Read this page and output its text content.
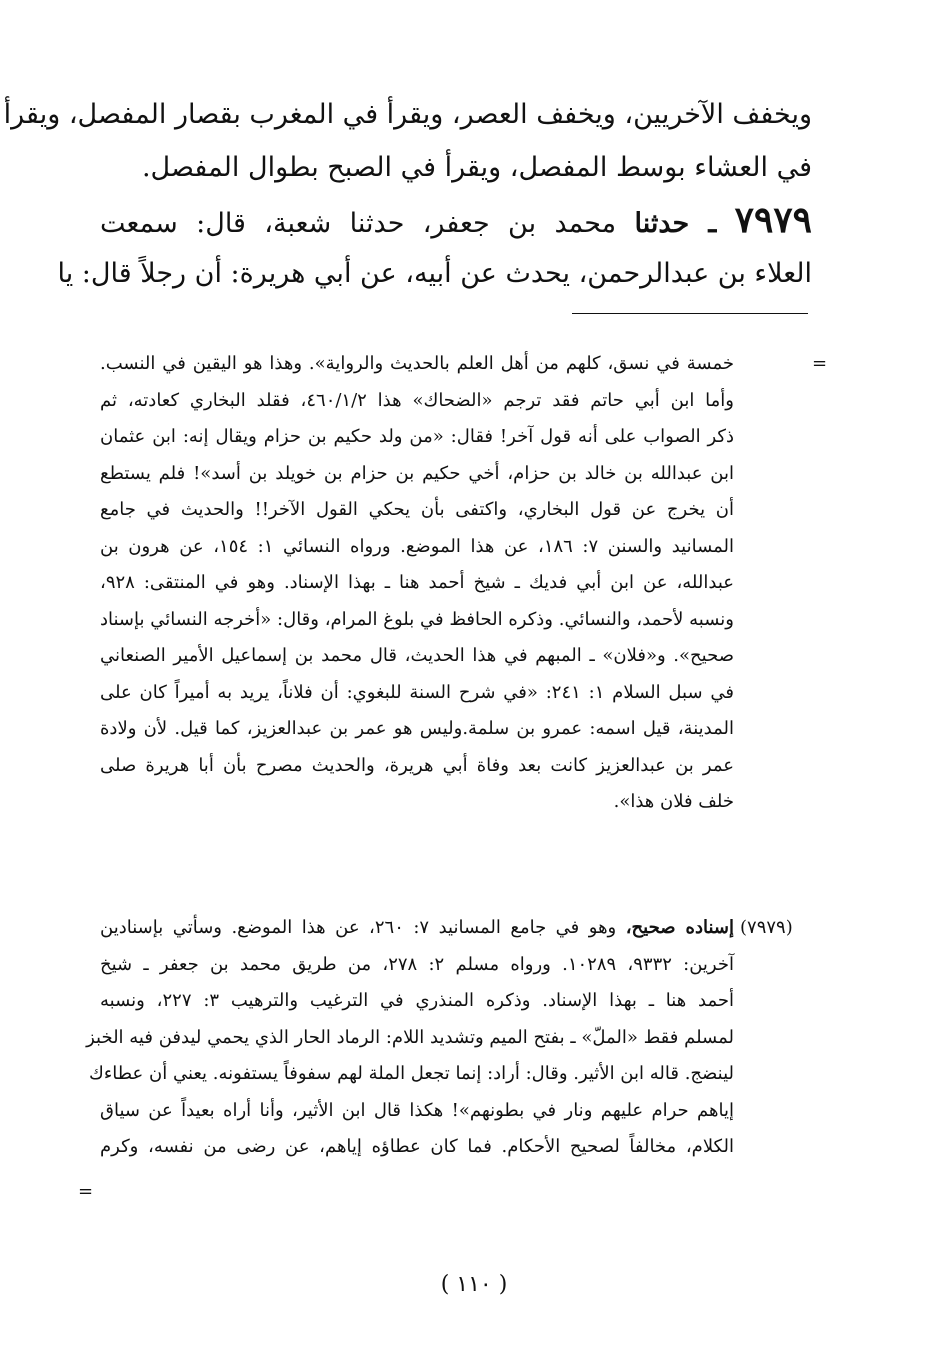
ويخفف الآخريين، ويخفف العصر، ويقرأ في المغرب بقصار المفصل، ويقرأ
في العشاء بوسط المفصل، ويقرأ في الصبح بطوال المفصل.
٧٩٧٩ ـ حدثنا محمد بن جعفر، حدثنا شعبة، قال: سمعت
العلاء بن عبدالرحمن، يحدث عن أبيه، عن أبي هريرة: أن رجلاً قال: يا
=
خمسة في نسق، كلهم من أهل العلم بالحديث والرواية». وهذا هو اليقين في النسب.
وأما ابن أبي حاتم فقد ترجم «الضحاك» هذا ٤٦٠/١/٢، فقلد البخاري كعادته، ثم
ذكر الصواب على أنه قول آخر! فقال: «من ولد حكيم بن حزام ويقال إنه: ابن عثمان
ابن عبدالله بن خالد بن حزام، أخي حكيم بن حزام بن خويلد بن أسد»! فلم يستطع
أن يخرج عن قول البخاري، واكتفى بأن يحكي القول الآخر!! والحديث في جامع
المسانيد والسنن ٧: ١٨٦، عن هذا الموضع. ورواه النسائي ١: ١٥٤، عن هرون بن
عبدالله، عن ابن أبي فديك ـ شيخ أحمد هنا ـ بهذا الإسناد. وهو في المنتقى: ٩٢٨،
ونسبه لأحمد، والنسائي. وذكره الحافظ في بلوغ المرام، وقال: «أخرجه النسائي بإسناد
صحيح». و«فلان» ـ المبهم في هذا الحديث، قال محمد بن إسماعيل الأمير الصنعاني
في سبل السلام ١: ٢٤١: «في شرح السنة للبغوي: أن فلاناً، يريد به أميراً كان على
المدينة، قيل اسمه: عمرو بن سلمة.وليس هو عمر بن عبدالعزيز، كما قيل. لأن ولادة
عمر بن عبدالعزيز كانت بعد وفاة أبي هريرة، والحديث مصرح بأن أبا هريرة صلى
خلف فلان هذا».
(٧٩٧٩)
إسناده صحيح، وهو في جامع المسانيد ٧: ٢٦٠، عن هذا الموضع. وسأتي بإسنادين
آخرين: ٩٣٣٢، ١٠٢٨٩. ورواه مسلم ٢: ٢٧٨، من طريق محمد بن جعفر ـ شيخ
أحمد هنا ـ بهذا الإسناد. وذكره المنذري في الترغيب والترهيب ٣: ٢٢٧، ونسبه
لمسلم فقط «الملّ» ـ بفتح الميم وتشديد اللام: الرماد الحار الذي يحمي ليدفن فيه الخبز
لينضج. قاله ابن الأثير. وقال: أراد: إنما تجعل الملة لهم سفوفاً يستفونه. يعني أن عطاءك
إياهم حرام عليهم ونار في بطونهم»! هكذا قال ابن الأثير، وأنا أراه بعيداً عن سياق
الكلام، مخالفاً لصحيح الأحكام. فما كان عطاؤه إياهم، عن رضى من نفسه، وكرم
=
( ١١٠ )
